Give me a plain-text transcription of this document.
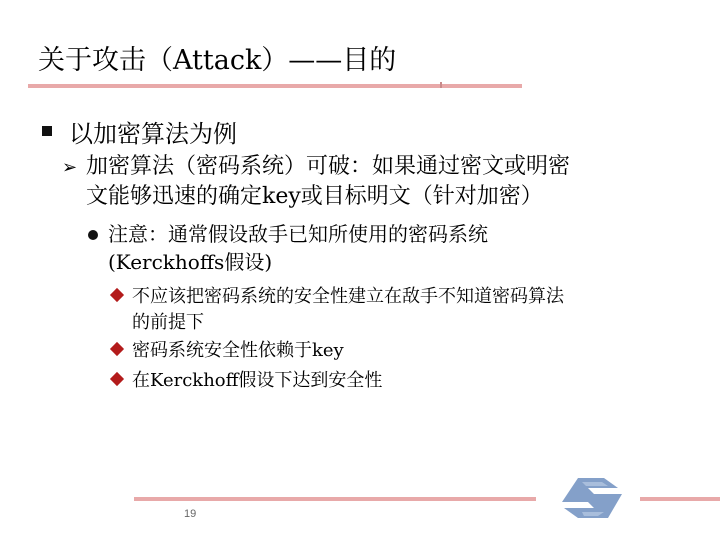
关于攻击（Attack）——目的
以加密算法为例
➢ 加密算法（密码系统）可破：如果通过密文或明密
文能够迅速的确定key或目标明文（针对加密）
注意：通常假设敌手已知所使用的密码系统
(Kerckhoffs假设)
不应该把密码系统的安全性建立在敌手不知道密码算法
的前提下
密码系统安全性依赖于key
在Kerckhoff假设下达到安全性
19
